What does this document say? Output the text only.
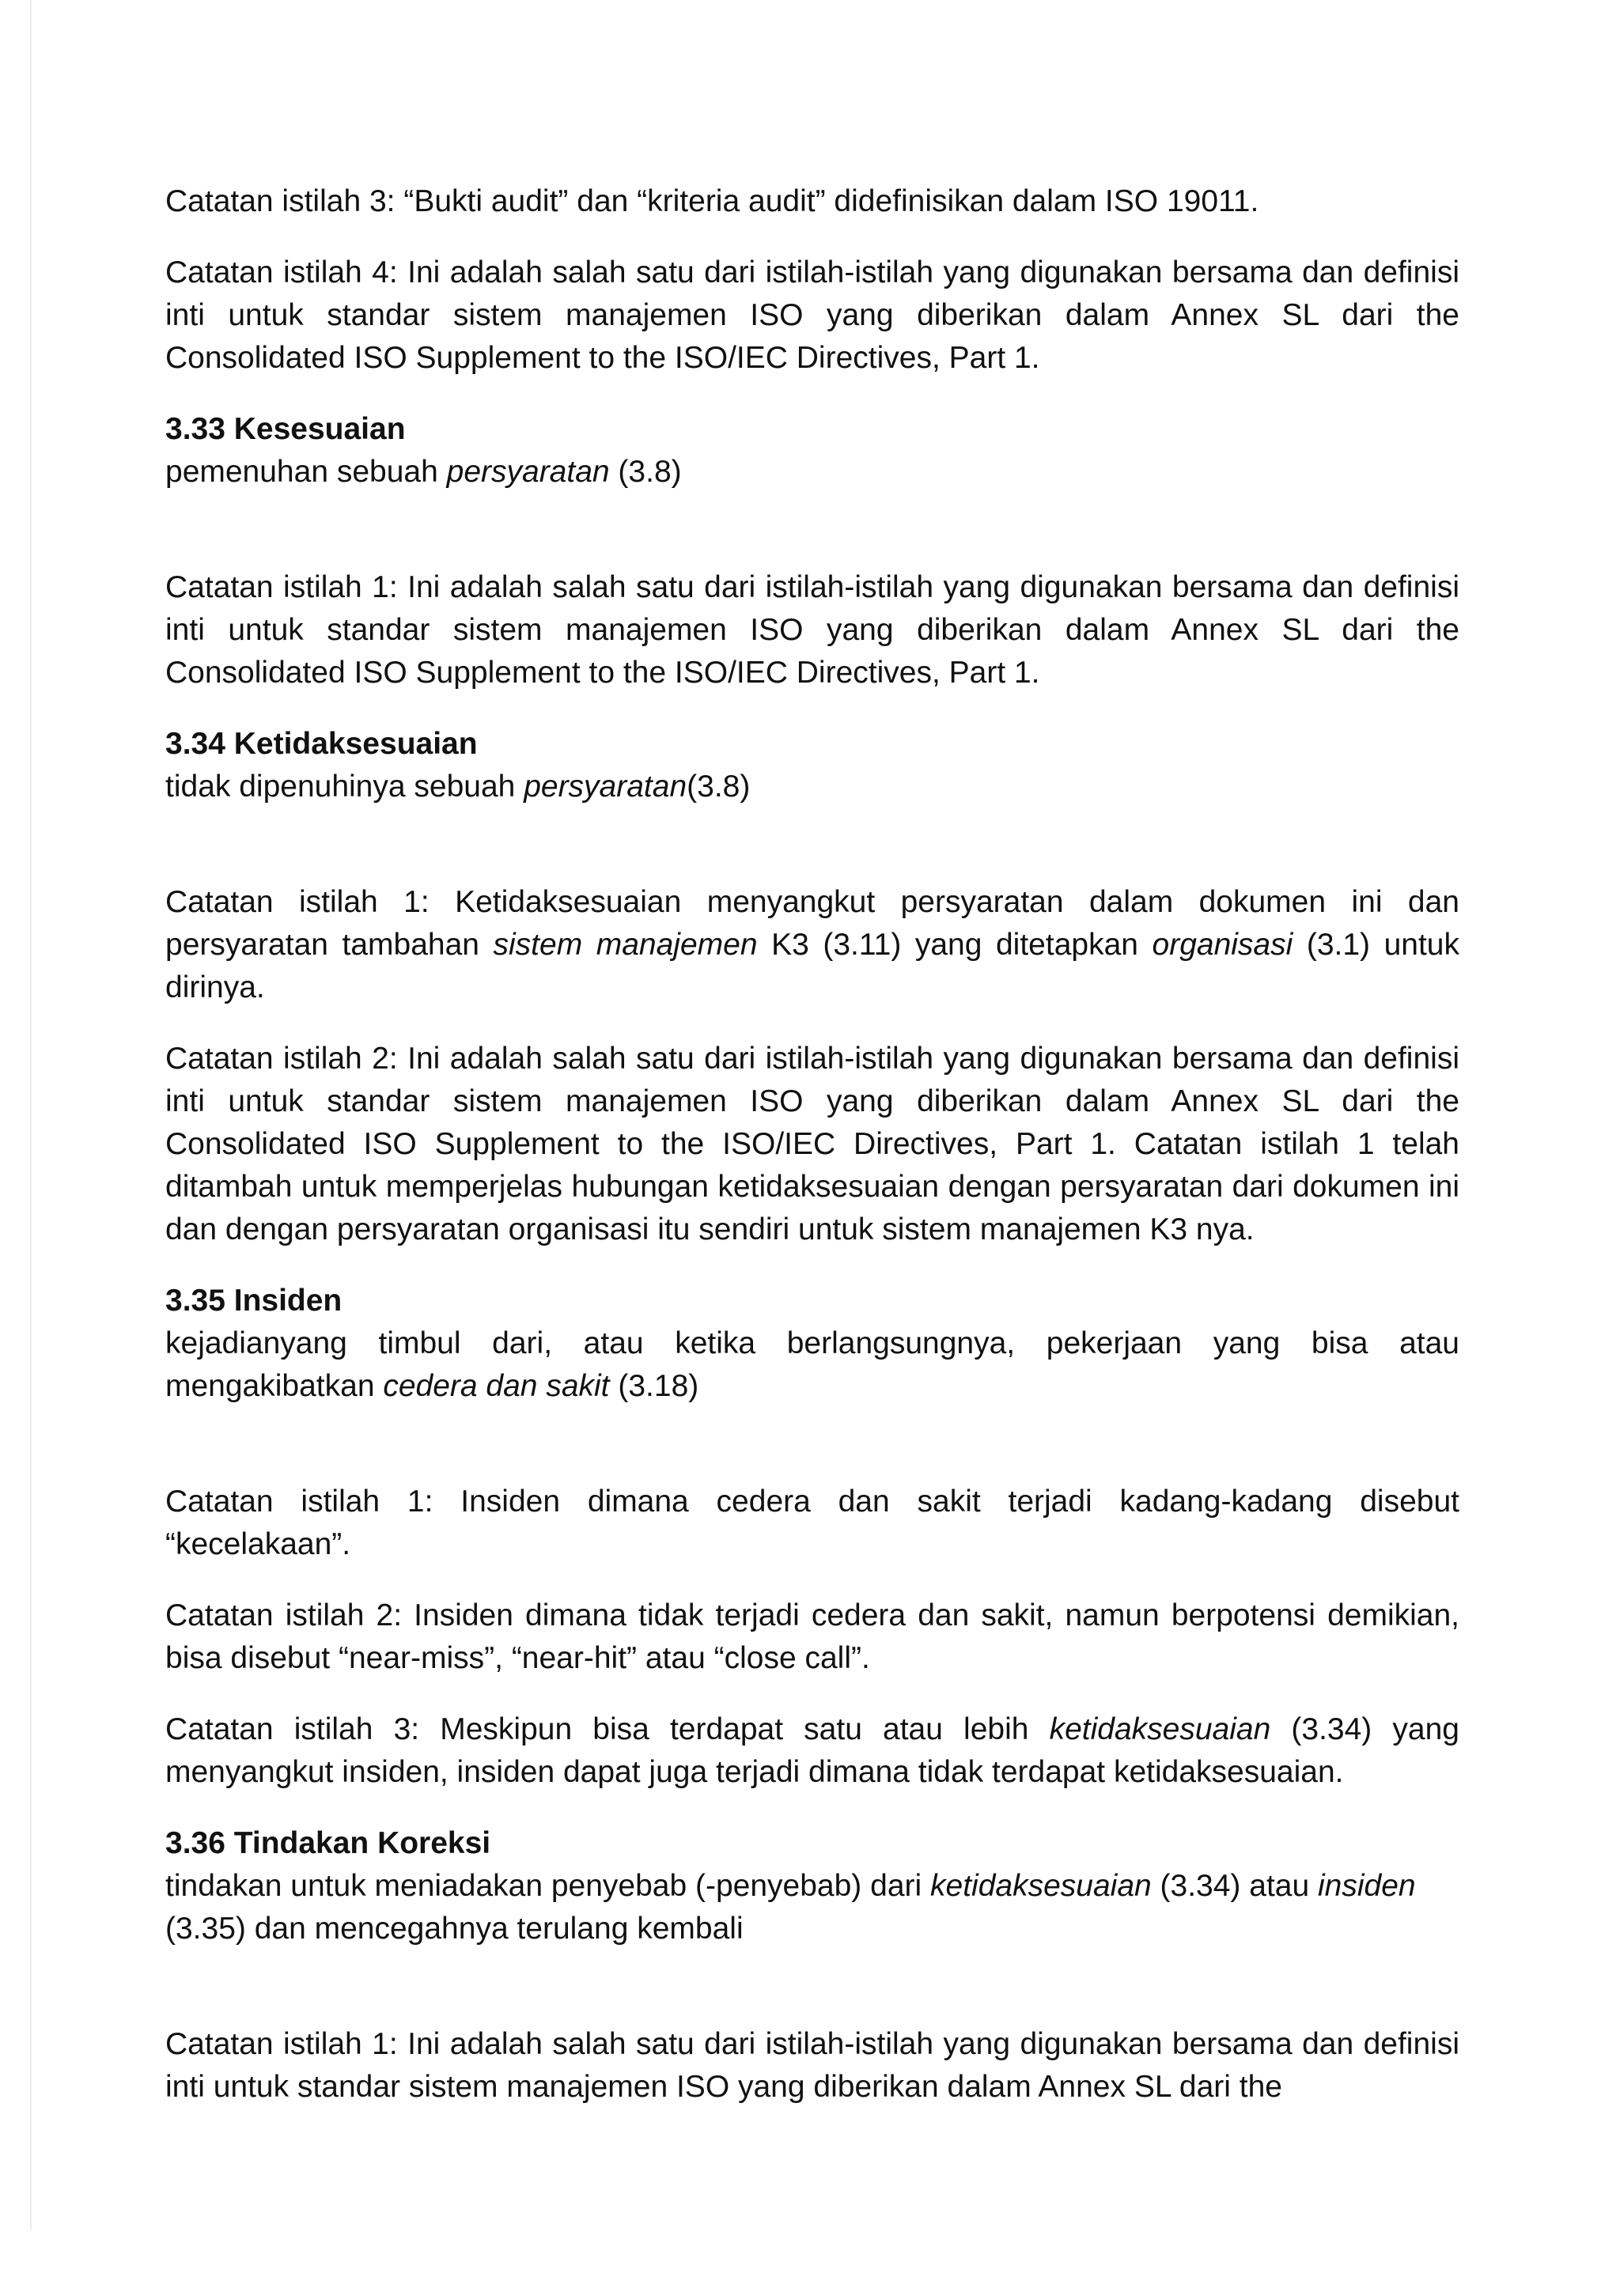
Catatan istilah 3: “Bukti audit” dan “kriteria audit” didefinisikan dalam ISO 19011.

Catatan istilah 4: Ini adalah salah satu dari istilah-istilah yang digunakan bersama dan definisi inti untuk standar sistem manajemen ISO yang diberikan dalam Annex SL dari the Consolidated ISO Supplement to the ISO/IEC Directives, Part 1.

3.33 Kesesuaian

pemenuhan sebuah persyaratan (3.8)

Catatan istilah 1: Ini adalah salah satu dari istilah-istilah yang digunakan bersama dan definisi inti untuk standar sistem manajemen ISO yang diberikan dalam Annex SL dari the Consolidated ISO Supplement to the ISO/IEC Directives, Part 1.

3.34 Ketidaksesuaian

tidak dipenuhinya sebuah persyaratan(3.8)

Catatan istilah 1: Ketidaksesuaian menyangkut persyaratan dalam dokumen ini dan persyaratan tambahan sistem manajemen K3 (3.11) yang ditetapkan organisasi (3.1) untuk dirinya.

Catatan istilah 2: Ini adalah salah satu dari istilah-istilah yang digunakan bersama dan definisi inti untuk standar sistem manajemen ISO yang diberikan dalam Annex SL dari the Consolidated ISO Supplement to the ISO/IEC Directives, Part 1. Catatan istilah 1 telah ditambah untuk memperjelas hubungan ketidaksesuaian dengan persyaratan dari dokumen ini dan dengan persyaratan organisasi itu sendiri untuk sistem manajemen K3 nya.

3.35 Insiden

kejadianyang timbul dari, atau ketika berlangsungnya, pekerjaan yang bisa atau mengakibatkan cedera dan sakit (3.18)

Catatan istilah 1: Insiden dimana cedera dan sakit terjadi kadang-kadang disebut “kecelakaan”.

Catatan istilah 2: Insiden dimana tidak terjadi cedera dan sakit, namun berpotensi demikian, bisa disebut “near-miss”, “near-hit” atau “close call”.

Catatan istilah 3: Meskipun bisa terdapat satu atau lebih ketidaksesuaian (3.34) yang menyangkut insiden, insiden dapat juga terjadi dimana tidak terdapat ketidaksesuaian.

3.36 Tindakan Koreksi

tindakan untuk meniadakan penyebab (-penyebab) dari ketidaksesuaian (3.34) atau insiden (3.35) dan mencegahnya terulang kembali

Catatan istilah 1: Ini adalah salah satu dari istilah-istilah yang digunakan bersama dan definisi inti untuk standar sistem manajemen ISO yang diberikan dalam Annex SL dari the
